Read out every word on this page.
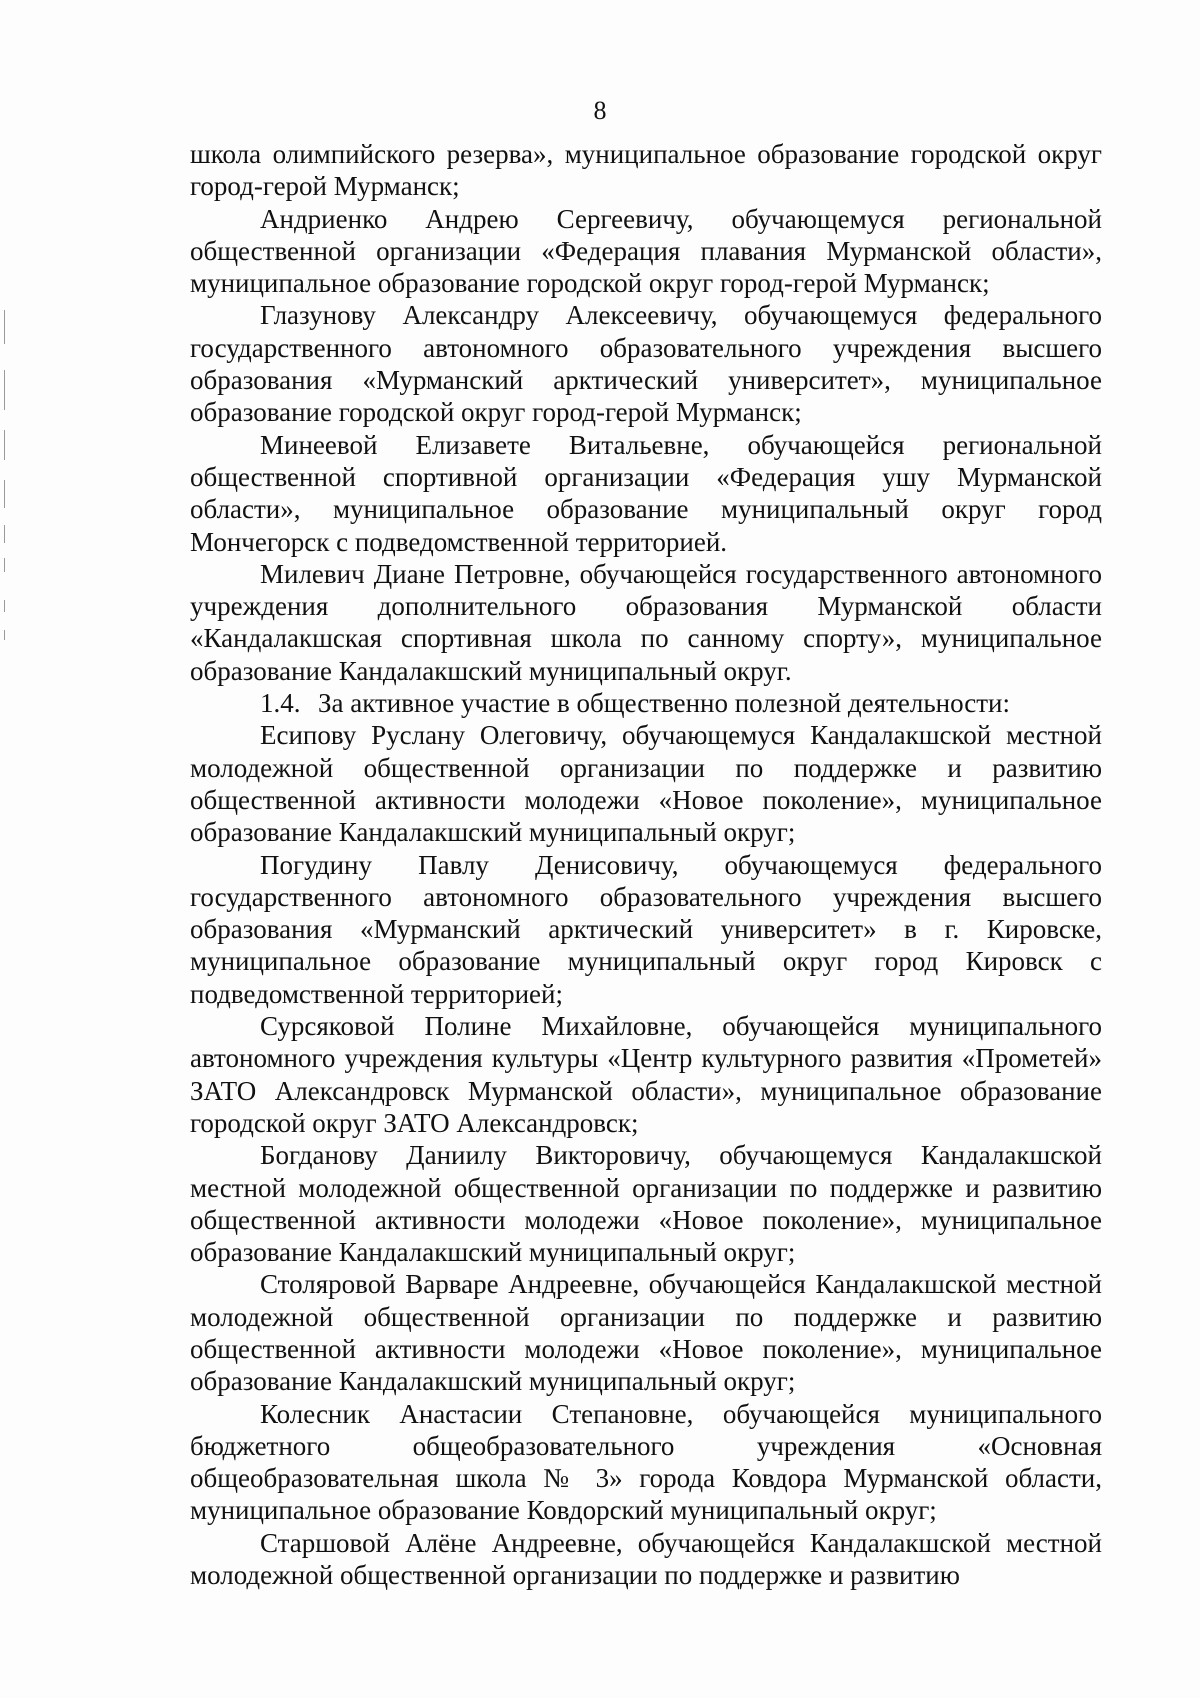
8

школа олимпийского резерва», муниципальное образование городской округ город-герой Мурманск;

Андриенко Андрею Сергеевичу, обучающемуся региональной общественной организации «Федерация плавания Мурманской области», муниципальное образование городской округ город-герой Мурманск;

Глазунову Александру Алексеевичу, обучающемуся федерального государственного автономного образовательного учреждения высшего образования «Мурманский арктический университет», муниципальное образование городской округ город-герой Мурманск;

Минеевой Елизавете Витальевне, обучающейся региональной общественной спортивной организации «Федерация ушу Мурманской области», муниципальное образование муниципальный округ город Мончегорск с подведомственной территорией.

Милевич Диане Петровне, обучающейся государственного автономного учреждения дополнительного образования Мурманской области «Кандалакшская спортивная школа по санному спорту», муниципальное образование Кандалакшский муниципальный округ.

1.4. За активное участие в общественно полезной деятельности:

Есипову Руслану Олеговичу, обучающемуся Кандалакшской местной молодежной общественной организации по поддержке и развитию общественной активности молодежи «Новое поколение», муниципальное образование Кандалакшский муниципальный округ;

Погудину Павлу Денисовичу, обучающемуся федерального государственного автономного образовательного учреждения высшего образования «Мурманский арктический университет» в г. Кировске, муниципальное образование муниципальный округ город Кировск с подведомственной территорией;

Сурсяковой Полине Михайловне, обучающейся муниципального автономного учреждения культуры «Центр культурного развития «Прометей» ЗАТО Александровск Мурманской области», муниципальное образование городской округ ЗАТО Александровск;

Богданову Даниилу Викторовичу, обучающемуся Кандалакшской местной молодежной общественной организации по поддержке и развитию общественной активности молодежи «Новое поколение», муниципальное образование Кандалакшский муниципальный округ;

Столяровой Варваре Андреевне, обучающейся Кандалакшской местной молодежной общественной организации по поддержке и развитию общественной активности молодежи «Новое поколение», муниципальное образование Кандалакшский муниципальный округ;

Колесник Анастасии Степановне, обучающейся муниципального бюджетного общеобразовательного учреждения «Основная общеобразовательная школа № 3» города Ковдора Мурманской области, муниципальное образование Ковдорский муниципальный округ;

Старшовой Алёне Андреевне, обучающейся Кандалакшской местной молодежной общественной организации по поддержке и развитию
